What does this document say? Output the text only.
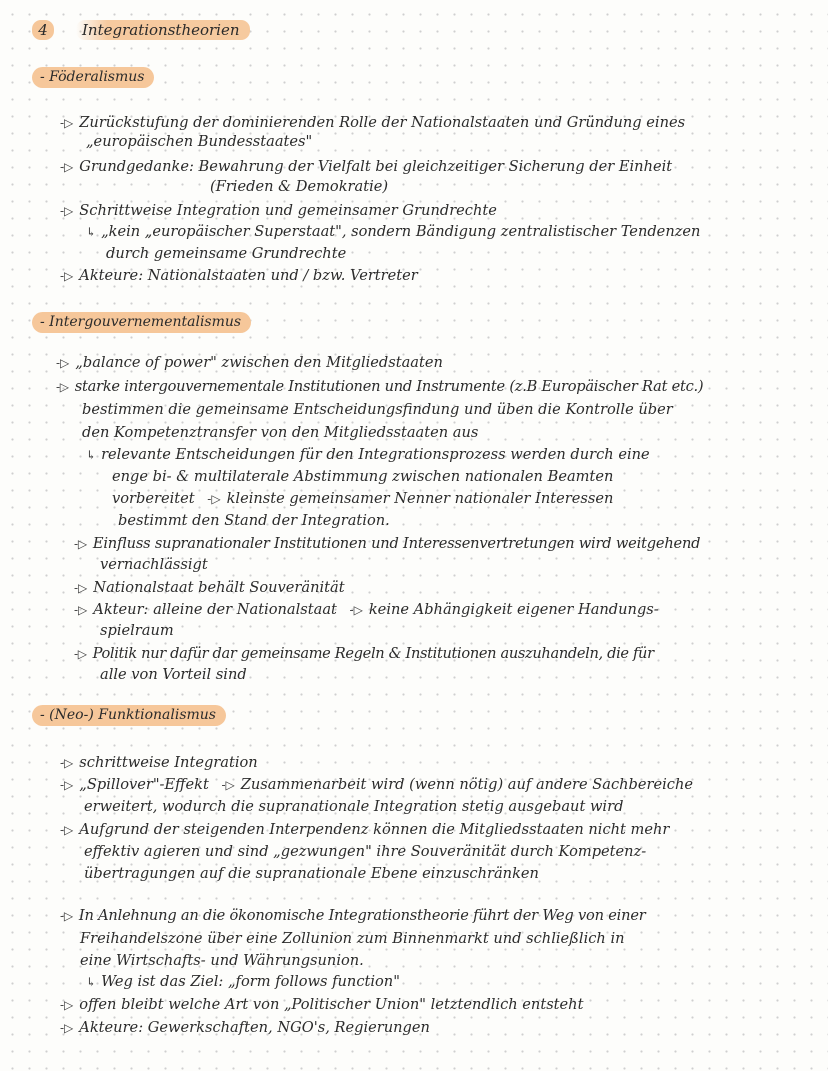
4	Integrationstheorien
- Föderalismus
-▷ Zurückstufung der dominierenden Rolle der Nationalstaaten und Gründung eines
„europäischen Bundesstaates"
-▷ Grundgedanke: Bewahrung der Vielfalt bei gleichzeitiger Sicherung der Einheit
(Frieden & Demokratie)
-▷ Schrittweise Integration und gemeinsamer Grundrechte
↳ „kein „europäischer Superstaat", sondern Bändigung zentralistischer Tendenzen
durch gemeinsame Grundrechte
-▷ Akteure: Nationalstaaten und / bzw. Vertreter
- Intergouvernementalismus
-▷ „balance of power" zwischen den Mitgliedstaaten
-▷ starke intergouvernementale Institutionen und Instrumente (z.B Europäischer Rat etc.)
bestimmen die gemeinsame Entscheidungsfindung und üben die Kontrolle über
den Kompetenztransfer von den Mitgliedsstaaten aus
↳ relevante Entscheidungen für den Integrationsprozess werden durch eine
enge bi- & multilaterale Abstimmung zwischen nationalen Beamten
vorbereitet -▷ kleinste gemeinsamer Nenner nationaler Interessen
bestimmt den Stand der Integration.
-▷ Einfluss supranationaler Institutionen und Interessenvertretungen wird weitgehend
vernachlässigt
-▷ Nationalstaat behält Souveränität
-▷ Akteur: alleine der Nationalstaat -▷ keine Abhängigkeit eigener Handungs-
spielraum
-▷ Politik nur dafür dar gemeinsame Regeln & Institutionen auszuhandeln, die für
alle von Vorteil sind
- (Neo-) Funktionalismus
-▷ schrittweise Integration
-▷ „Spillover"-Effekt -▷ Zusammenarbeit wird (wenn nötig) auf andere Sachbereiche
erweitert, wodurch die supranationale Integration stetig ausgebaut wird
-▷ Aufgrund der steigenden Interpendenz können die Mitgliedsstaaten nicht mehr
effektiv agieren und sind „gezwungen" ihre Souveränität durch Kompetenz-
übertragungen auf die supranationale Ebene einzuschränken
-▷ In Anlehnung an die ökonomische Integrationstheorie führt der Weg von einer
Freihandelszone über eine Zollunion zum Binnenmarkt und schließlich in
eine Wirtschafts- und Währungsunion.
↳ Weg ist das Ziel: „form follows function"
-▷ offen bleibt welche Art von „Politischer Union" letztendlich entsteht
-▷ Akteure: Gewerkschaften, NGO's, Regierungen
